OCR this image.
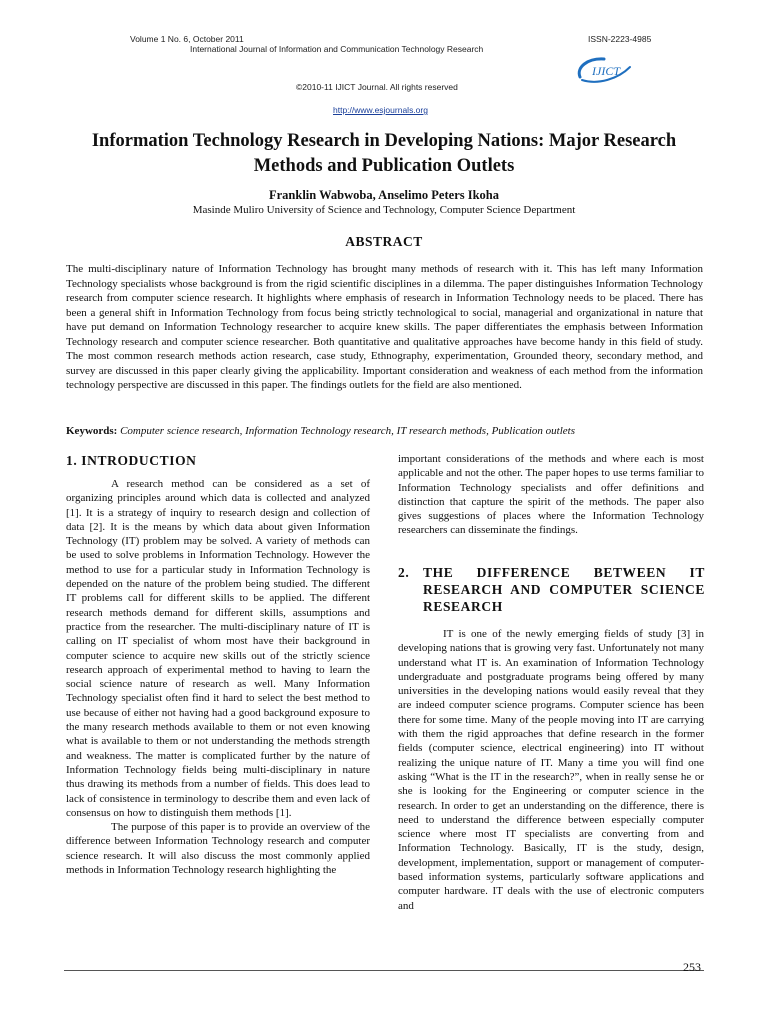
Volume 1 No. 6, October 2011	ISSN-2223-4985
International Journal of Information and Communication Technology Research
IJICT
©2010-11 IJICT Journal. All rights reserved
http://www.esjournals.org
Information Technology Research in Developing Nations: Major Research Methods and Publication Outlets
Franklin Wabwoba, Anselimo Peters Ikoha
Masinde Muliro University of Science and Technology, Computer Science Department
ABSTRACT
The multi-disciplinary nature of Information Technology has brought many methods of research with it. This has left many Information Technology specialists whose background is from the rigid scientific disciplines in a dilemma. The paper distinguishes Information Technology research from computer science research. It highlights where emphasis of research in Information Technology needs to be placed. There has been a general shift in Information Technology from focus being strictly technological to social, managerial and organizational in nature that have put demand on Information Technology researcher to acquire knew skills. The paper differentiates the emphasis between Information Technology research and computer science researcher. Both quantitative and qualitative approaches have become handy in this field of study. The most common research methods action research, case study, Ethnography, experimentation, Grounded theory, secondary method, and survey are discussed in this paper clearly giving the applicability. Important consideration and weakness of each method from the information technology perspective are discussed in this paper. The findings outlets for the field are also mentioned.
Keywords: Computer science research, Information Technology research, IT research methods, Publication outlets
1. INTRODUCTION

A research method can be considered as a set of organizing principles around which data is collected and analyzed [1]. It is a strategy of inquiry to research design and collection of data [2]. It is the means by which data about given Information Technology (IT) problem may be solved. A variety of methods can be used to solve problems in Information Technology. However the method to use for a particular study in Information Technology is depended on the nature of the problem being studied. The different IT problems call for different skills to be applied. The different research methods demand for different skills, assumptions and practice from the researcher. The multi-disciplinary nature of IT is calling on IT specialist of whom most have their background in computer science to acquire new skills out of the strictly science research approach of experimental method to having to learn the social science nature of research as well. Many Information Technology specialist often find it hard to select the best method to use because of either not having had a good background exposure to the many research methods available to them or not even knowing what is available to them or not understanding the methods strength and weakness. The matter is complicated further by the nature of Information Technology fields being multi-disciplinary in nature thus drawing its methods from a number of fields. This does lead to lack of consistence in terminology to describe them and even lack of consensus on how to distinguish them methods [1].

The purpose of this paper is to provide an overview of the difference between Information Technology research and computer science research. It will also discuss the most commonly applied methods in Information Technology research highlighting the

important considerations of the methods and where each is most applicable and not the other. The paper hopes to use terms familiar to Information Technology specialists and offer definitions and distinction that capture the spirit of the methods. The paper also gives suggestions of places where the Information Technology researchers can disseminate the findings.

2. THE DIFFERENCE BETWEEN IT RESEARCH AND COMPUTER SCIENCE RESEARCH

IT is one of the newly emerging fields of study [3] in developing nations that is growing very fast. Unfortunately not many understand what IT is. An examination of Information Technology undergraduate and postgraduate programs being offered by many universities in the developing nations would easily reveal that they are indeed computer science programs. Computer science has been there for some time. Many of the people moving into IT are carrying with them the rigid approaches that define research in the former fields (computer science, electrical engineering) into IT without realizing the unique nature of IT. Many a time you will find one asking “What is the IT in the research?”, when in really sense he or she is looking for the Engineering or computer science in the research. In order to get an understanding on the difference, there is need to understand the difference between especially computer science where most IT specialists are converting from and Information Technology. Basically, IT is the study, design, development, implementation, support or management of computer-based information systems, particularly software applications and computer hardware. IT deals with the use of electronic computers and

253
